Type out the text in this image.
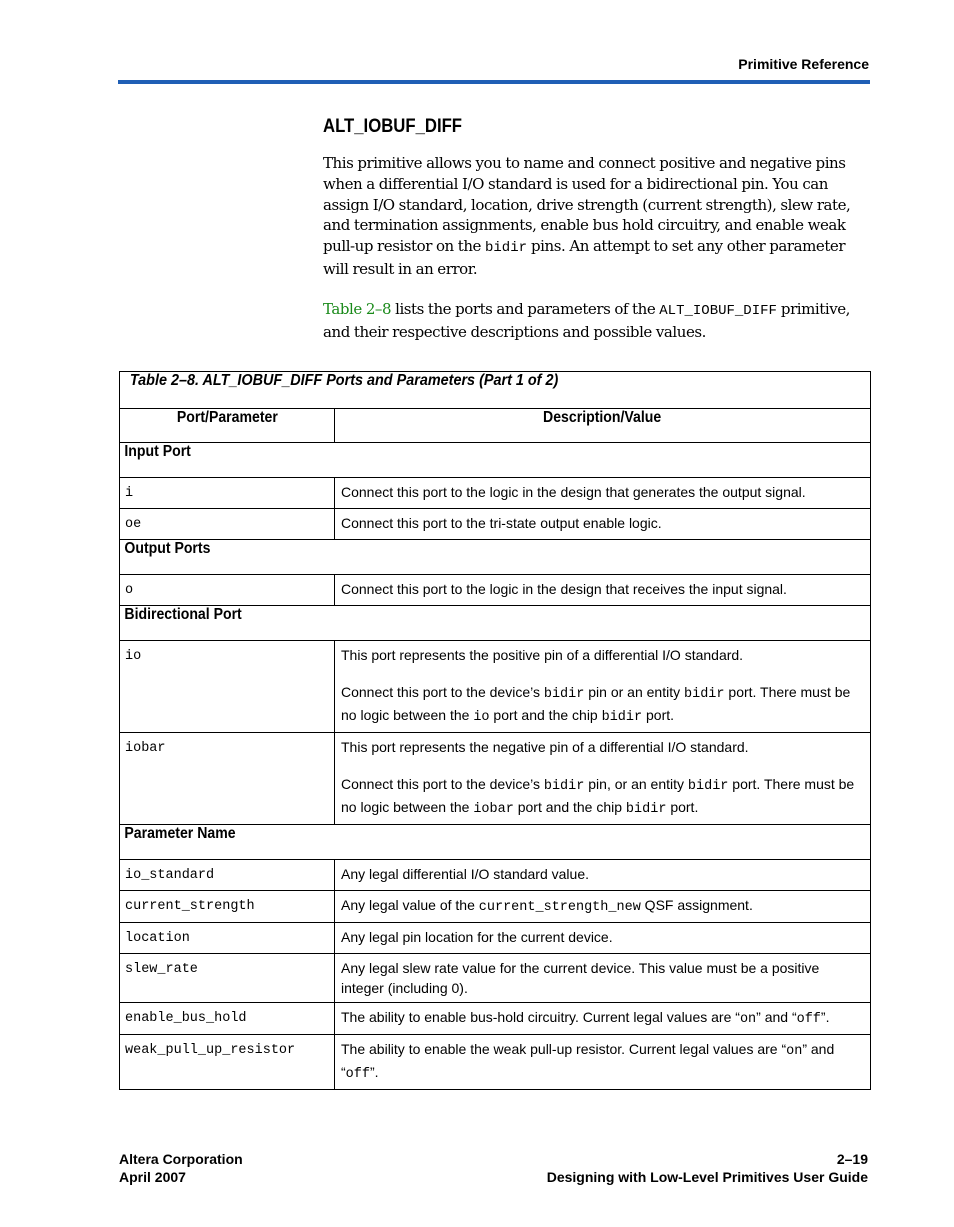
Primitive Reference
ALT_IOBUF_DIFF

This primitive allows you to name and connect positive and negative pins when a differential I/O standard is used for a bidirectional pin. You can assign I/O standard, location, drive strength (current strength), slew rate, and termination assignments, enable bus hold circuitry, and enable weak pull-up resistor on the bidir pins. An attempt to set any other parameter will result in an error.

Table 2–8 lists the ports and parameters of the ALT_IOBUF_DIFF primitive, and their respective descriptions and possible values.

Table 2–8. ALT_IOBUF_DIFF Ports and Parameters (Part 1 of 2)	
Port/Parameter	Description/Value
Input Port	
i	Connect this port to the logic in the design that generates the output signal.
oe	Connect this port to the tri-state output enable logic.
Output Ports	
o	Connect this port to the logic in the design that receives the input signal.
Bidirectional Port	
io	This port represents the positive pin of a differential I/O standard.
Connect this port to the device’s bidir pin or an entity bidir port. There must be no logic between the io port and the chip bidir port.

iobar	This port represents the negative pin of a differential I/O standard.
Connect this port to the device’s bidir pin, or an entity bidir port. There must be no logic between the iobar port and the chip bidir port.

Parameter Name	
io_standard	Any legal differential I/O standard value.
current_strength	Any legal value of the current_strength_new QSF assignment.
location	Any legal pin location for the current device.
slew_rate	Any legal slew rate value for the current device. This value must be a positive integer (including 0).
enable_bus_hold	The ability to enable bus-hold circuitry. Current legal values are “on” and “off”.
weak_pull_up_resistor	The ability to enable the weak pull-up resistor. Current legal values are “on” and “off”.
Altera Corporation
April 2007
2–19
Designing with Low-Level Primitives User Guide
